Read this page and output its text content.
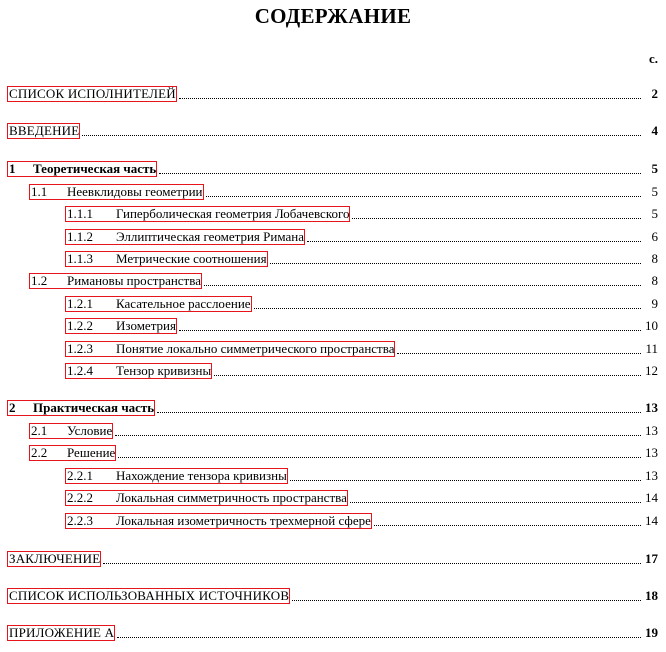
СОДЕРЖАНИЕ
с.
СПИСОК ИСПОЛНИТЕЛЕЙ	2
ВВЕДЕНИЕ	4
1	Теоретическая часть	5
1.1	Неевклидовы геометрии	5
1.1.1	Гиперболическая геометрия Лобачевского	5
1.1.2	Эллиптическая геометрия Римана	6
1.1.3	Метрические соотношения	8
1.2	Римановы пространства	8
1.2.1	Касательное расслоение	9
1.2.2	Изометрия	10
1.2.3	Понятие локально симметрического пространства	11
1.2.4	Тензор кривизны	12
2	Практическая часть	13
2.1	Условие	13
2.2	Решение	13
2.2.1	Нахождение тензора кривизны	13
2.2.2	Локальная симметричность пространства	14
2.2.3	Локальная изометричность трехмерной сфере	14
ЗАКЛЮЧЕНИЕ	17
СПИСОК ИСПОЛЬЗОВАННЫХ ИСТОЧНИКОВ	18
ПРИЛОЖЕНИЕ А	19
